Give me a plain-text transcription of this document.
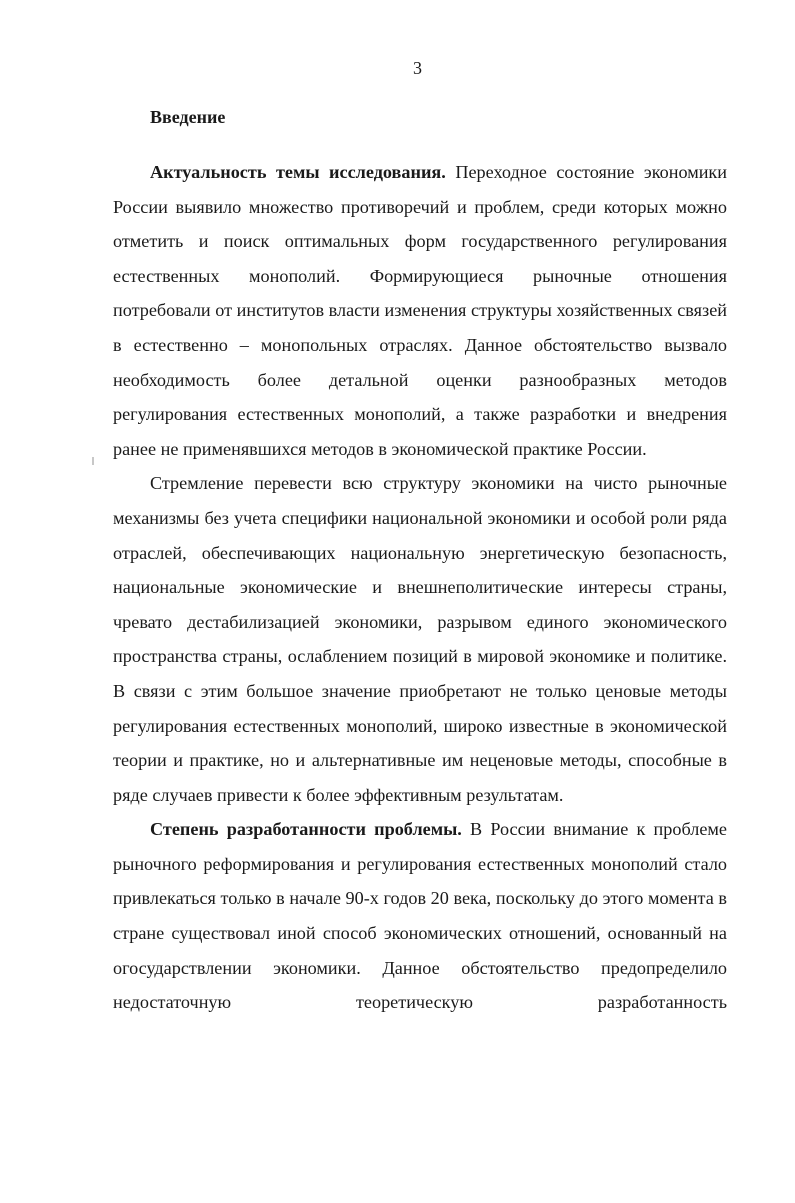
3
Введение

Актуальность темы исследования. Переходное состояние экономики России выявило множество противоречий и проблем, среди которых можно отметить и поиск оптимальных форм государственного регулирования естественных монополий. Формирующиеся рыночные отношения потребовали от институтов власти изменения структуры хозяйственных связей в естественно – монопольных отраслях. Данное обстоятельство вызвало необходимость более детальной оценки разнообразных методов регулирования естественных монополий, а также разработки и внедрения ранее не применявшихся методов в экономической практике России.

Стремление перевести всю структуру экономики на чисто рыночные механизмы без учета специфики национальной экономики и особой роли ряда отраслей, обеспечивающих национальную энергетическую безопасность, национальные экономические и внешнеполитические интересы страны, чревато дестабилизацией экономики, разрывом единого экономического пространства страны, ослаблением позиций в мировой экономике и политике. В связи с этим большое значение приобретают не только ценовые методы регулирования естественных монополий, широко известные в экономической теории и практике, но и альтернативные им неценовые методы, способные в ряде случаев привести к более эффективным результатам.

Степень разработанности проблемы. В России внимание к проблеме рыночного реформирования и регулирования естественных монополий стало привлекаться только в начале 90-х годов 20 века, поскольку до этого момента в стране существовал иной способ экономических отношений, основанный на огосударствлении экономики. Данное обстоятельство предопределило недостаточную теоретическую разработанность
